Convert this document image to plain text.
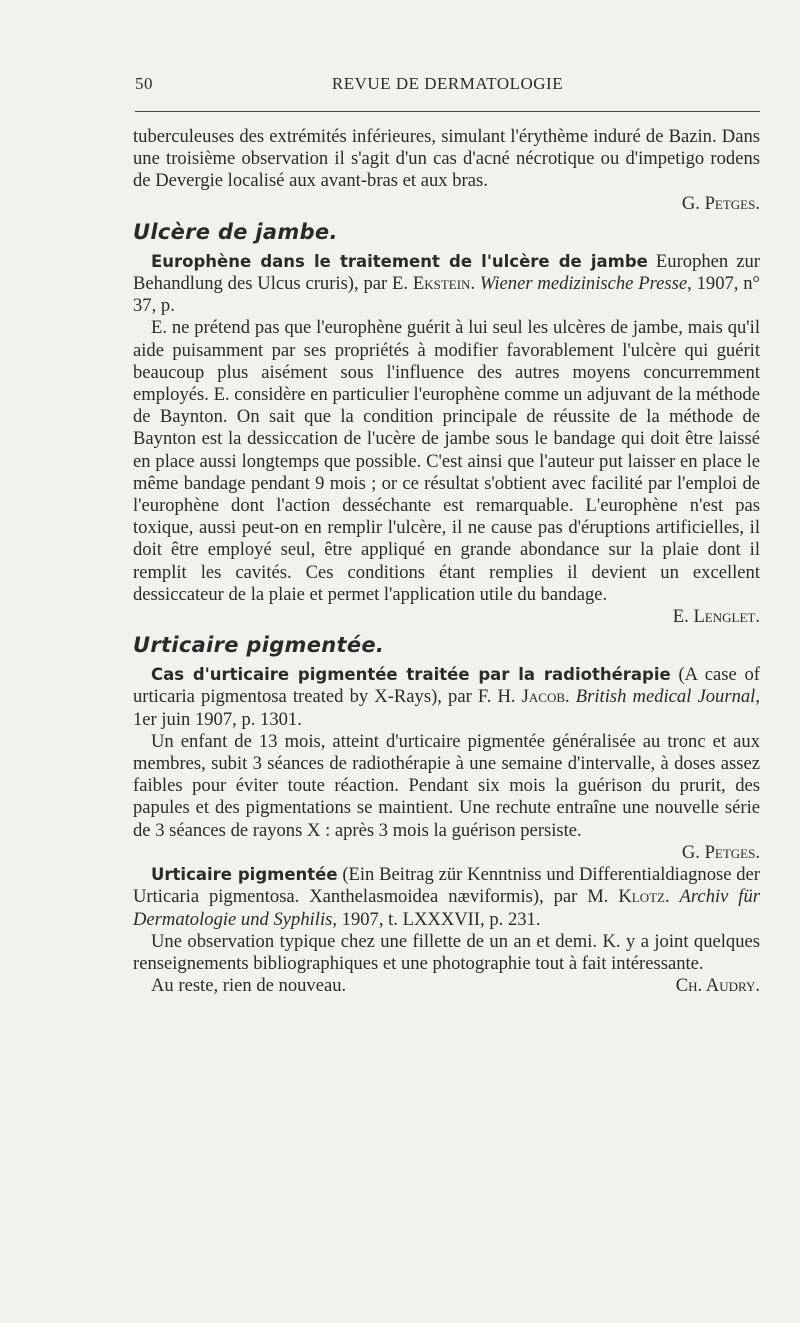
50	REVUE DE DERMATOLOGIE

tuberculeuses des extrémités inférieures, simulant l'érythème induré de Bazin. Dans une troisième observation il s'agit d'un cas d'acné nécrotique ou d'impetigo rodens de Devergie localisé aux avant-bras et aux bras.

G. Petges.

Ulcère de jambe.

Europhène dans le traitement de l'ulcère de jambe Europhen zur Behandlung des Ulcus cruris), par E. Ekstein. Wiener medizinische Presse, 1907, n° 37, p.

E. ne prétend pas que l'europhène guérit à lui seul les ulcères de jambe, mais qu'il aide puisamment par ses propriétés à modifier favorablement l'ulcère qui guérit beaucoup plus aisément sous l'influence des autres moyens concurremment employés. E. considère en particulier l'europhène comme un adjuvant de la méthode de Baynton. On sait que la condition principale de réussite de la méthode de Baynton est la dessiccation de l'ucère de jambe sous le bandage qui doit être laissé en place aussi longtemps que possible. C'est ainsi que l'auteur put laisser en place le même bandage pendant 9 mois ; or ce résultat s'obtient avec facilité par l'emploi de l'europhène dont l'action desséchante est remarquable. L'europhène n'est pas toxique, aussi peut-on en remplir l'ulcère, il ne cause pas d'éruptions artificielles, il doit être employé seul, être appliqué en grande abondance sur la plaie dont il remplit les cavités. Ces conditions étant remplies il devient un excellent dessiccateur de la plaie et permet l'application utile du bandage.

E. Lenglet.

Urticaire pigmentée.

Cas d'urticaire pigmentée traitée par la radiothérapie (A case of urticaria pigmentosa treated by X-Rays), par F. H. Jacob. British medical Journal, 1er juin 1907, p. 1301.

Un enfant de 13 mois, atteint d'urticaire pigmentée généralisée au tronc et aux membres, subit 3 séances de radiothérapie à une semaine d'intervalle, à doses assez faibles pour éviter toute réaction. Pendant six mois la guérison du prurit, des papules et des pigmentations se maintient. Une rechute entraîne une nouvelle série de 3 séances de rayons X : après 3 mois la guérison persiste.

G. Petges.

Urticaire pigmentée (Ein Beitrag zür Kenntniss und Differentialdiagnose der Urticaria pigmentosa. Xanthelasmoidea næviformis), par M. Klotz. Archiv für Dermatologie und Syphilis, 1907, t. LXXXVII, p. 231.

Une observation typique chez une fillette de un an et demi. K. y a joint quelques renseignements bibliographiques et une photographie tout à fait intéressante.

Au reste, rien de nouveau.	Ch. Audry.
